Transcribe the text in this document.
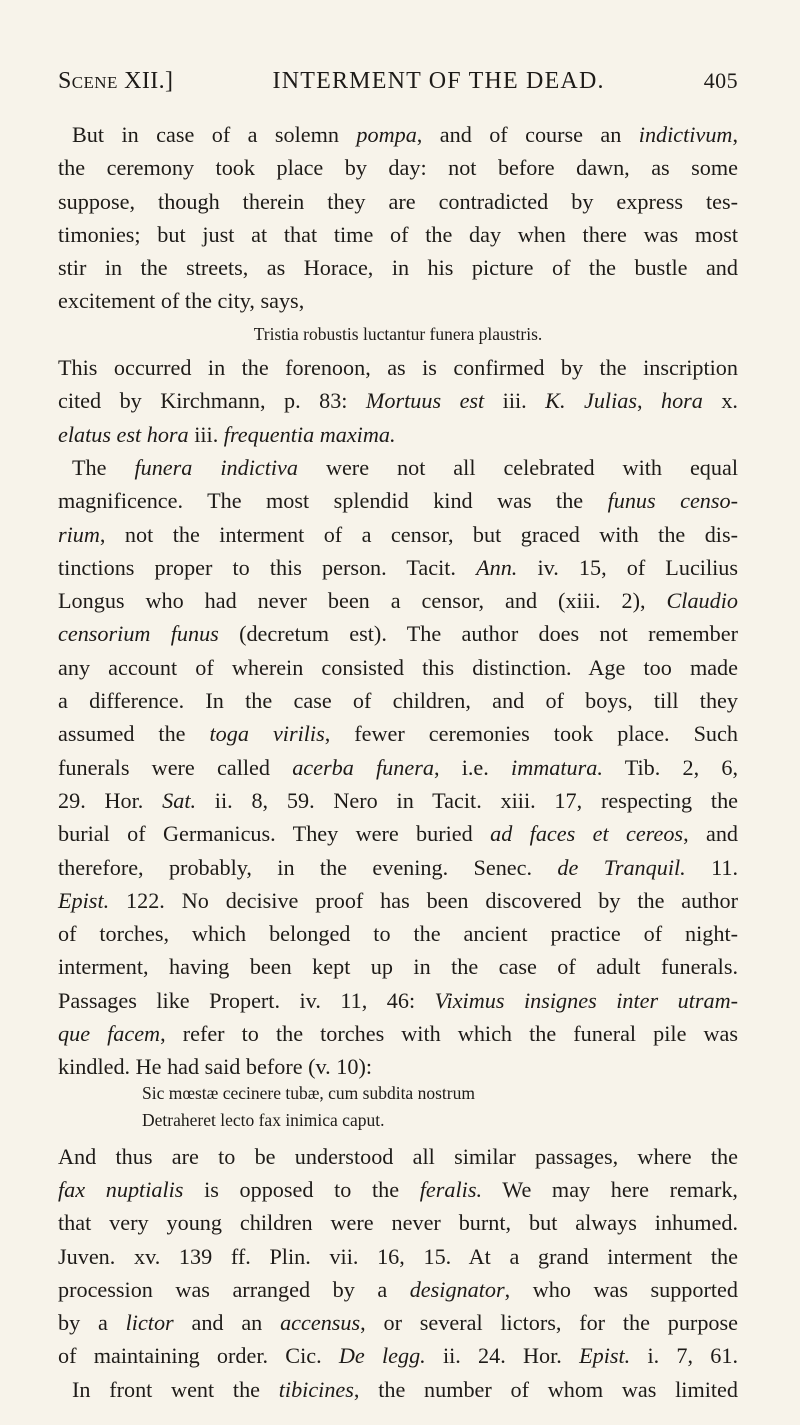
Scene XII.]	INTERMENT OF THE DEAD.	405
But in case of a solemn pompa, and of course an indictivum,
the ceremony took place by day: not before dawn, as some
suppose, though therein they are contradicted by express tes-
timonies; but just at that time of the day when there was most
stir in the streets, as Horace, in his picture of the bustle and
excitement of the city, says,
Tristia robustis luctantur funera plaustris.
This occurred in the forenoon, as is confirmed by the inscription
cited by Kirchmann, p. 83: Mortuus est iii. K. Julias, hora x.
elatus est hora iii. frequentia maxima.
The funera indictiva were not all celebrated with equal
magnificence. The most splendid kind was the funus censo-
rium, not the interment of a censor, but graced with the dis-
tinctions proper to this person. Tacit. Ann. iv. 15, of Lucilius
Longus who had never been a censor, and (xiii. 2), Claudio
censorium funus (decretum est). The author does not remember
any account of wherein consisted this distinction. Age too made
a difference. In the case of children, and of boys, till they
assumed the toga virilis, fewer ceremonies took place. Such
funerals were called acerba funera, i.e. immatura. Tib. 2, 6,
29. Hor. Sat. ii. 8, 59. Nero in Tacit. xiii. 17, respecting the
burial of Germanicus. They were buried ad faces et cereos, and
therefore, probably, in the evening. Senec. de Tranquil. 11.
Epist. 122. No decisive proof has been discovered by the author
of torches, which belonged to the ancient practice of night-
interment, having been kept up in the case of adult funerals.
Passages like Propert. iv. 11, 46: Viximus insignes inter utram-
que facem, refer to the torches with which the funeral pile was
kindled. He had said before (v. 10):
Sic mœstæ cecinere tubæ, cum subdita nostrum
Detraheret lecto fax inimica caput.
And thus are to be understood all similar passages, where the
fax nuptialis is opposed to the feralis. We may here remark,
that very young children were never burnt, but always inhumed.
Juven. xv. 139 ff. Plin. vii. 16, 15. At a grand interment the
procession was arranged by a designator, who was supported
by a lictor and an accensus, or several lictors, for the purpose
of maintaining order. Cic. De legg. ii. 24. Hor. Epist. i. 7, 61.
In front went the tibicines, the number of whom was limited
